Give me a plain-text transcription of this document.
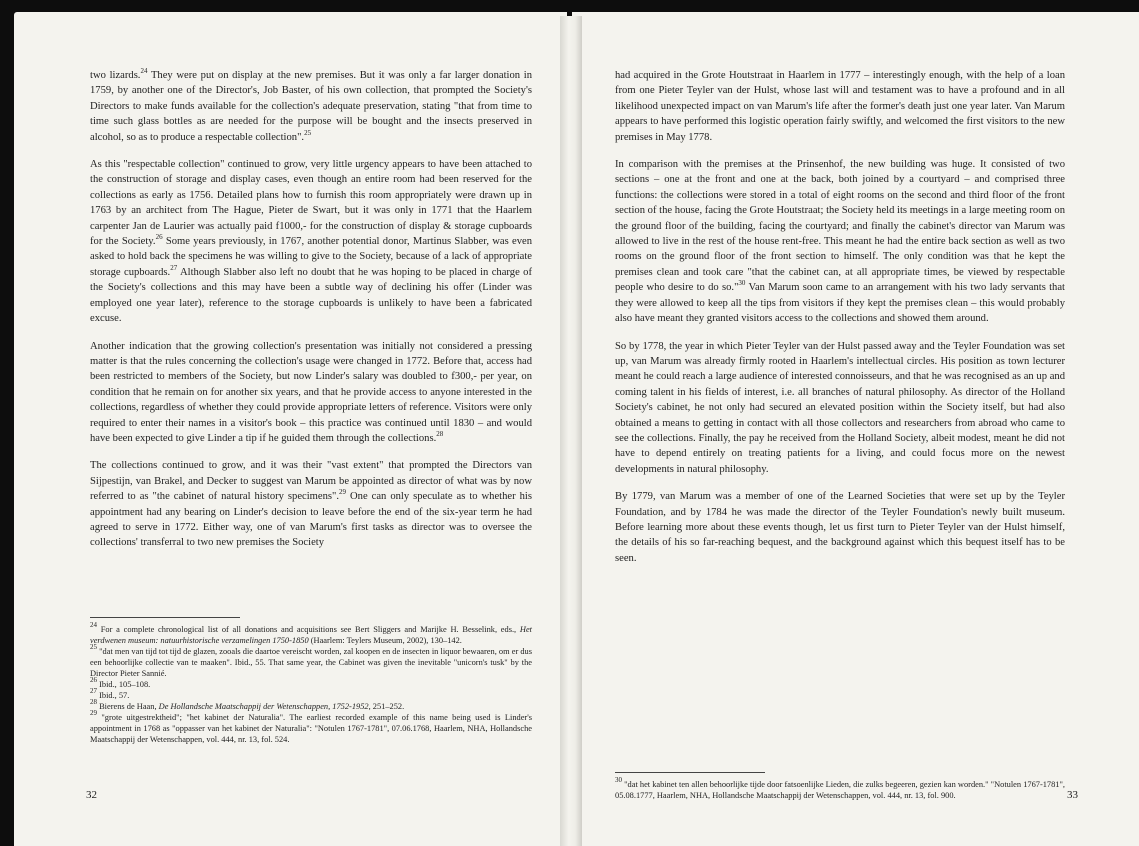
two lizards.$^{24}$ They were put on display at the new premises. But it was only a far larger donation in 1759, by another one of the Director's, Job Baster, of his own collection, that prompted the Society's Directors to make funds available for the collection's adequate preservation, stating "that from time to time such glass bottles as are needed for the purpose will be bought and the insects preserved in alcohol, so as to produce a respectable collection".$^{25}$

As this "respectable collection" continued to grow, very little urgency appears to have been attached to the construction of storage and display cases, even though an entire room had been reserved for the collections as early as 1756. Detailed plans how to furnish this room appropriately were drawn up in 1763 by an architect from The Hague, Pieter de Swart, but it was only in 1771 that the Haarlem carpenter Jan de Laurier was actually paid f1000,- for the construction of display & storage cupboards for the Society.$^{26}$ Some years previously, in 1767, another potential donor, Martinus Slabber, was even asked to hold back the specimens he was willing to give to the Society, because of a lack of appropriate storage cupboards.$^{27}$ Although Slabber also left no doubt that he was hoping to be placed in charge of the Society's collections and this may have been a subtle way of declining his offer (Linder was employed one year later), reference to the storage cupboards is unlikely to have been a fabricated excuse.

Another indication that the growing collection's presentation was initially not considered a pressing matter is that the rules concerning the collection's usage were changed in 1772. Before that, access had been restricted to members of the Society, but now Linder's salary was doubled to f300,- per year, on condition that he remain on for another six years, and that he provide access to anyone interested in the collections, regardless of whether they could provide appropriate letters of reference. Visitors were only required to enter their names in a visitor's book – this practice was continued until 1830 – and would have been expected to give Linder a tip if he guided them through the collections.$^{28}$

The collections continued to grow, and it was their "vast extent" that prompted the Directors van Sijpestijn, van Brakel, and Decker to suggest van Marum be appointed as director of what was by now referred to as "the cabinet of natural history specimens".$^{29}$ One can only speculate as to whether his appointment had any bearing on Linder's decision to leave before the end of the six-year term he had agreed to serve in 1772. Either way, one of van Marum's first tasks as director was to oversee the collections' transferral to two new premises the Society

$^{24}$ For a complete chronological list of all donations and acquisitions see Bert Sliggers and Marijke H. Besselink, eds., Het verdwenen museum: natuurhistorische verzamelingen 1750-1850 (Haarlem: Teylers Museum, 2002), 130–142.

$^{25}$ "dat men van tijd tot tijd de glazen, zooals die daartoe vereischt worden, zal koopen en de insecten in liquor bewaaren, om er dus een behoorlijke collectie van te maaken". Ibid., 55. That same year, the Cabinet was given the inevitable "unicorn's tusk" by the Director Pieter Sannié.

$^{26}$ Ibid., 105–108.

$^{27}$ Ibid., 57.

$^{28}$ Bierens de Haan, De Hollandsche Maatschappij der Wetenschappen, 1752-1952, 251–252.

$^{29}$ "grote uitgestrektheid"; "het kabinet der Naturalia". The earliest recorded example of this name being used is Linder's appointment in 1768 as "oppasser van het kabinet der Naturalia": "Notulen 1767-1781", 07.06.1768, Haarlem, NHA, Hollandsche Maatschappij der Wetenschappen, vol. 444, nr. 13, fol. 524.

32

had acquired in the Grote Houtstraat in Haarlem in 1777 – interestingly enough, with the help of a loan from one Pieter Teyler van der Hulst, whose last will and testament was to have a profound and in all likelihood unexpected impact on van Marum's life after the former's death just one year later. Van Marum appears to have performed this logistic operation fairly swiftly, and welcomed the first visitors to the new premises in May 1778.

In comparison with the premises at the Prinsenhof, the new building was huge. It consisted of two sections – one at the front and one at the back, both joined by a courtyard – and comprised three functions: the collections were stored in a total of eight rooms on the second and third floor of the front section of the house, facing the Grote Houtstraat; the Society held its meetings in a large meeting room on the ground floor of the building, facing the courtyard; and finally the cabinet's director van Marum was allowed to live in the rest of the house rent-free. This meant he had the entire back section as well as two rooms on the ground floor of the front section to himself. The only condition was that he kept the premises clean and took care "that the cabinet can, at all appropriate times, be viewed by respectable people who desire to do so."$^{30}$ Van Marum soon came to an arrangement with his two lady servants that they were allowed to keep all the tips from visitors if they kept the premises clean – this would probably also have meant they granted visitors access to the collections and showed them around.

So by 1778, the year in which Pieter Teyler van der Hulst passed away and the Teyler Foundation was set up, van Marum was already firmly rooted in Haarlem's intellectual circles. His position as town lecturer meant he could reach a large audience of interested connoisseurs, and that he was recognised as an up and coming talent in his fields of interest, i.e. all branches of natural philosophy. As director of the Holland Society's cabinet, he not only had secured an elevated position within the Society itself, but had also obtained a means to getting in contact with all those collectors and researchers from abroad who came to see the collections. Finally, the pay he received from the Holland Society, albeit modest, meant he did not have to depend entirely on treating patients for a living, and could focus more on the newest developments in natural philosophy.

By 1779, van Marum was a member of one of the Learned Societies that were set up by the Teyler Foundation, and by 1784 he was made the director of the Teyler Foundation's newly built museum. Before learning more about these events though, let us first turn to Pieter Teyler van der Hulst himself, the details of his so far-reaching bequest, and the background against which this bequest itself has to be seen.

$^{30}$ "dat het kabinet ten allen behoorlijke tijde door fatsoenlijke Lieden, die zulks begeeren, gezien kan worden." "Notulen 1767-1781", 05.08.1777, Haarlem, NHA, Hollandsche Maatschappij der Wetenschappen, vol. 444, nr. 13, fol. 900.	33
